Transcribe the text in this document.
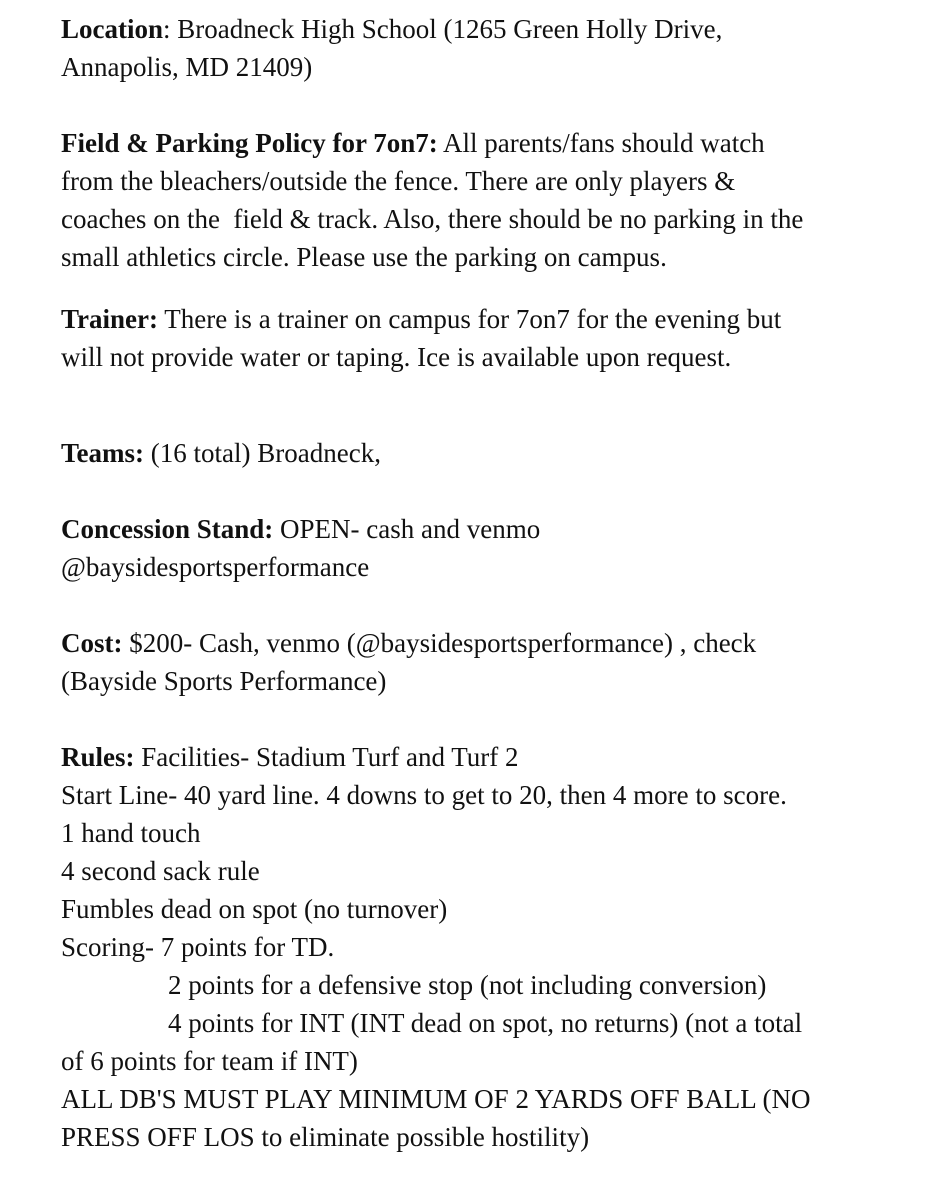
Location: Broadneck High School (1265 Green Holly Drive,
Annapolis, MD 21409)
Field & Parking Policy for 7on7: All parents/fans should watch
from the bleachers/outside the fence. There are only players &
coaches on the  field & track. Also, there should be no parking in the
small athletics circle. Please use the parking on campus.
Trainer: There is a trainer on campus for 7on7 for the evening but
will not provide water or taping. Ice is available upon request.
Teams: (16 total) Broadneck,
Concession Stand: OPEN- cash and venmo
@baysidesportsperformance
Cost: $200- Cash, venmo (@baysidesportsperformance) , check
(Bayside Sports Performance)
Rules: Facilities- Stadium Turf and Turf 2
Start Line- 40 yard line. 4 downs to get to 20, then 4 more to score.
1 hand touch
4 second sack rule
Fumbles dead on spot (no turnover)
Scoring- 7 points for TD.
2 points for a defensive stop (not including conversion)
4 points for INT (INT dead on spot, no returns) (not a total
of 6 points for team if INT)
ALL DB'S MUST PLAY MINIMUM OF 2 YARDS OFF BALL (NO
PRESS OFF LOS to eliminate possible hostility)
